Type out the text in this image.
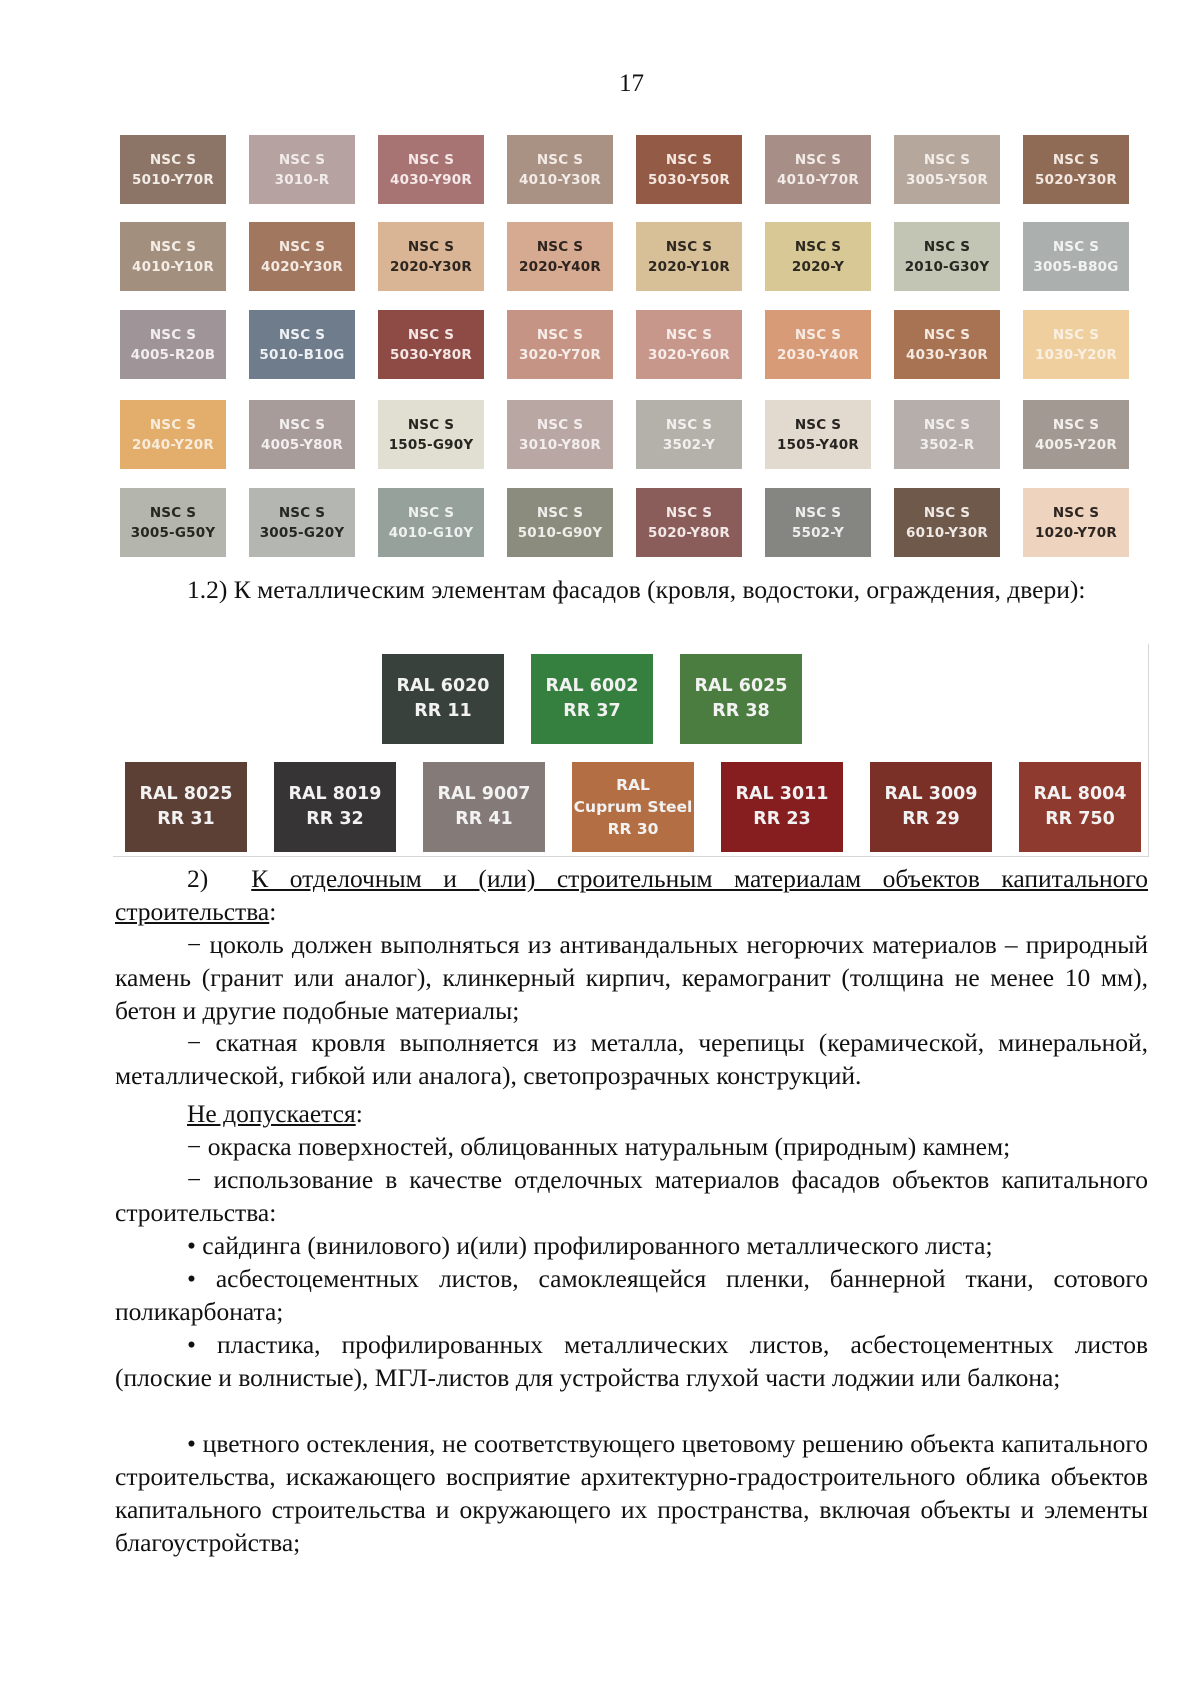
17
NSC S
5010-Y70R
NSC S
3010-R
NSC S
4030-Y90R
NSC S
4010-Y30R
NSC S
5030-Y50R
NSC S
4010-Y70R
NSC S
3005-Y50R
NSC S
5020-Y30R
NSC S
4010-Y10R
NSC S
4020-Y30R
NSC S
2020-Y30R
NSC S
2020-Y40R
NSC S
2020-Y10R
NSC S
2020-Y
NSC S
2010-G30Y
NSC S
3005-B80G
NSC S
4005-R20B
NSC S
5010-B10G
NSC S
5030-Y80R
NSC S
3020-Y70R
NSC S
3020-Y60R
NSC S
2030-Y40R
NSC S
4030-Y30R
NSC S
1030-Y20R
NSC S
2040-Y20R
NSC S
4005-Y80R
NSC S
1505-G90Y
NSC S
3010-Y80R
NSC S
3502-Y
NSC S
1505-Y40R
NSC S
3502-R
NSC S
4005-Y20R
NSC S
3005-G50Y
NSC S
3005-G20Y
NSC S
4010-G10Y
NSC S
5010-G90Y
NSC S
5020-Y80R
NSC S
5502-Y
NSC S
6010-Y30R
NSC S
1020-Y70R
1.2) К металлическим элементам фасадов (кровля, водостоки, ограждения, двери):
RAL 6020
RR 11
RAL 6002
RR 37
RAL 6025
RR 38
RAL 8025
RR 31
RAL 8019
RR 32
RAL 9007
RR 41
RAL
Cuprum Steel
RR 30
RAL 3011
RR 23
RAL 3009
RR 29
RAL 8004
RR 750
2) К отделочным и (или) строительным материалам объектов капитального строительства:
− цоколь должен выполняться из антивандальных негорючих материалов – природный камень (гранит или аналог), клинкерный кирпич, керамогранит (толщина не менее 10 мм), бетон и другие подобные материалы;
− скатная кровля выполняется из металла, черепицы (керамической, минеральной, металлической, гибкой или аналога), светопрозрачных конструкций.
Не допускается:
− окраска поверхностей, облицованных натуральным (природным) камнем;
− использование в качестве отделочных материалов фасадов объектов капитального строительства:
• сайдинга (винилового) и(или) профилированного металлического листа;
• асбестоцементных листов, самоклеящейся пленки, баннерной ткани, сотового поликарбоната;
• пластика, профилированных металлических листов, асбестоцементных листов (плоские и волнистые), МГЛ-листов для устройства глухой части лоджии или балкона;
• цветного остекления, не соответствующего цветовому решению объекта капитального строительства, искажающего восприятие архитектурно-градостроительного облика объектов капитального строительства и окружающего их пространства, включая объекты и элементы благоустройства;
